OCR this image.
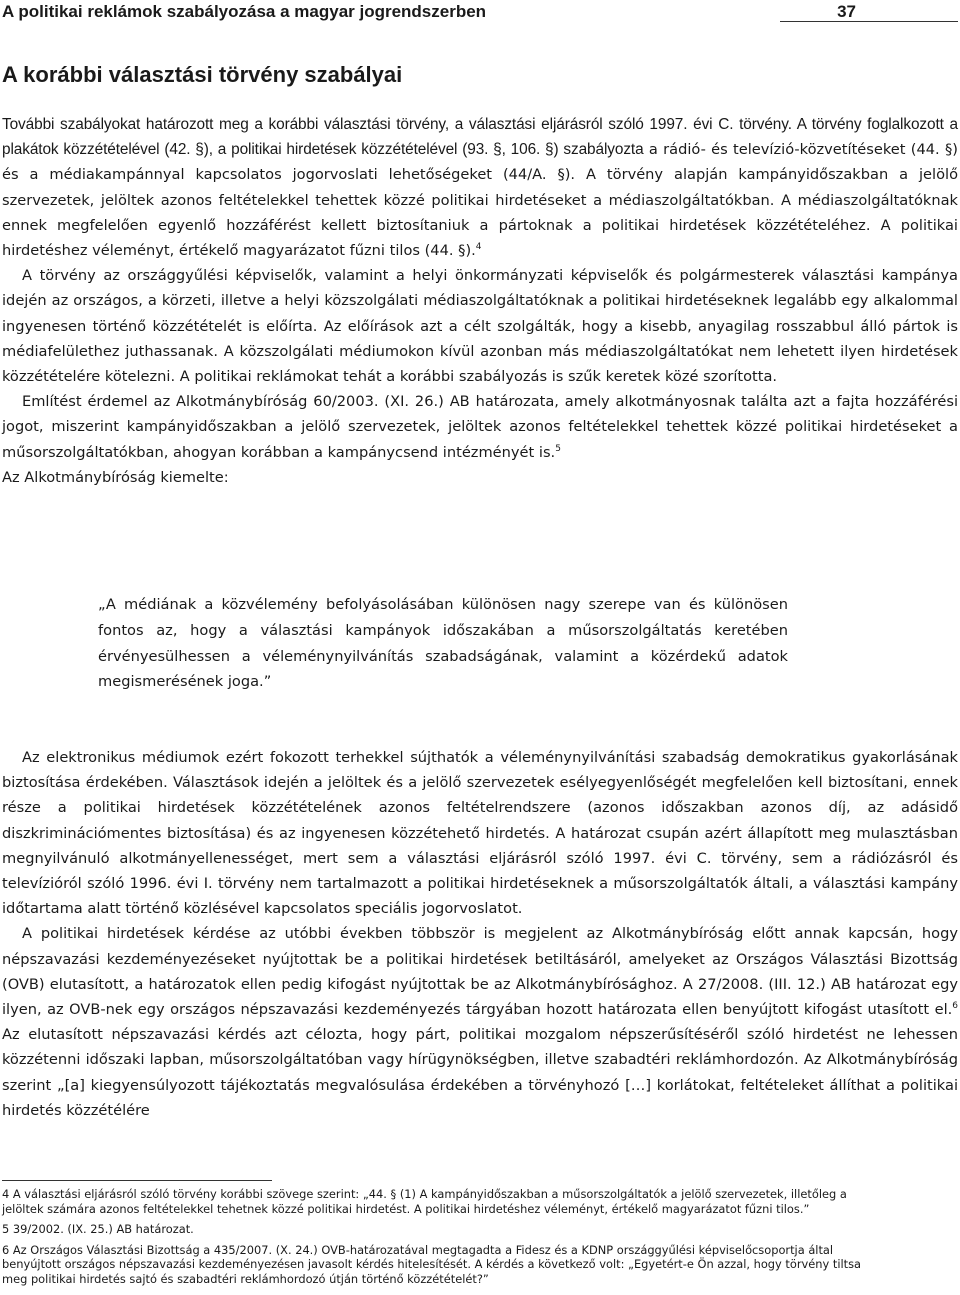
A politikai reklámok szabályozása a magyar jogrendszerben	37
A korábbi választási törvény szabályai

További szabályokat határozott meg a korábbi választási törvény, a választási eljárásról szóló 1997. évi C. törvény. A törvény foglalkozott a plakátok közzétételével (42. §), a politikai hirdetések közzétételével (93. §, 106. §) szabályozta a rádió- és televízió-közvetítéseket (44. §) és a médiakampánnyal kapcsolatos jogorvoslati lehetőségeket (44/A. §). A törvény alapján kampányidőszakban a jelölő szervezetek, jelöltek azonos feltételekkel tehettek közzé politikai hirdetéseket a médiaszolgáltatókban. A médiaszolgáltatóknak ennek megfelelően egyenlő hozzáférést kellett biztosítaniuk a pártoknak a politikai hirdetések közzétételéhez. A politikai hirdetéshez véleményt, értékelő magyarázatot fűzni tilos (44. §).$^4$

A törvény az országgyűlési képviselők, valamint a helyi önkormányzati képviselők és polgármesterek választási kampánya idején az országos, a körzeti, illetve a helyi közszolgálati médiaszolgáltatóknak a politikai hirdetéseknek legalább egy alkalommal ingyenesen történő közzétételét is előírta. Az előírások azt a célt szolgálták, hogy a kisebb, anyagilag rosszabbul álló pártok is médiafelülethez juthassanak. A közszolgálati médiumokon kívül azonban más médiaszolgáltatókat nem lehetett ilyen hirdetések közzétételére kötelezni. A politikai reklámokat tehát a korábbi szabályozás is szűk keretek közé szorította.

Említést érdemel az Alkotmánybíróság 60/2003. (XI. 26.) AB határozata, amely alkotmányosnak találta azt a fajta hozzáférési jogot, miszerint kampányidőszakban a jelölő szervezetek, jelöltek azonos feltételekkel tehettek közzé politikai hirdetéseket a műsorszolgáltatókban, ahogyan korábban a kampánycsend intézményét is.$^5$

Az Alkotmánybíróság kiemelte:

„A médiának a közvélemény befolyásolásában különösen nagy szerepe van és különösen fontos az, hogy a választási kampányok időszakában a műsorszolgáltatás keretében érvényesülhessen a véleménynyilvánítás szabadságának, valamint a közérdekű adatok megismerésének joga.”

Az elektronikus médiumok ezért fokozott terhekkel sújthatók a véleménynyilvánítási szabadság demokratikus gyakorlásának biztosítása érdekében. Választások idején a jelöltek és a jelölő szervezetek esélyegyenlőségét megfelelően kell biztosítani, ennek része a politikai hirdetések közzétételének azonos feltételrendszere (azonos időszakban azonos díj, az adásidő diszkriminációmentes biztosítása) és az ingyenesen közzétehető hirdetés. A határozat csupán azért állapított meg mulasztásban megnyilvánuló alkotmányellenességet, mert sem a választási eljárásról szóló 1997. évi C. törvény, sem a rádiózásról és televízióról szóló 1996. évi I. törvény nem tartalmazott a politikai hirdetéseknek a műsorszolgáltatók általi, a választási kampány időtartama alatt történő közlésével kapcsolatos speciális jogorvoslatot.

A politikai hirdetések kérdése az utóbbi években többször is megjelent az Alkotmánybíróság előtt annak kapcsán, hogy népszavazási kezdeményezéseket nyújtottak be a politikai hirdetések betiltásáról, amelyeket az Országos Választási Bizottság (OVB) elutasított, a határozatok ellen pedig kifogást nyújtottak be az Alkotmánybírósághoz. A 27/2008. (III. 12.) AB határozat egy ilyen, az OVB-nek egy országos népszavazási kezdeményezés tárgyában hozott határozata ellen benyújtott kifogást utasított el.$^6$ Az elutasított népszavazási kérdés azt célozta, hogy párt, politikai mozgalom népszerűsítéséről szóló hirdetést ne lehessen közzétenni időszaki lapban, műsorszolgáltatóban vagy hírügynökségben, illetve szabadtéri reklámhordozón. Az Alkotmánybíróság szerint „[a] kiegyensúlyozott tájékoztatás megvalósulása érdekében a törvényhozó […] korlátokat, feltételeket állíthat a politikai hirdetés közzétélére

4 A választási eljárásról szóló törvény korábbi szövege szerint: „44. § (1) A kampányidőszakban a műsorszolgáltatók a jelölő szervezetek, illetőleg a jelöltek számára azonos feltételekkel tehetnek közzé politikai hirdetést. A politikai hirdetéshez véleményt, értékelő magyarázatot fűzni tilos.”

5 39/2002. (IX. 25.) AB határozat.

6 Az Országos Választási Bizottság a 435/2007. (X. 24.) OVB-határozatával megtagadta a Fidesz és a KDNP országgyűlési képviselőcsoportja által benyújtott országos népszavazási kezdeményezésen javasolt kérdés hitelesítését. A kérdés a következő volt: „Egyetért-e Ön azzal, hogy törvény tiltsa meg politikai hirdetés sajtó és szabadtéri reklámhordozó útján történő közzétételét?”
